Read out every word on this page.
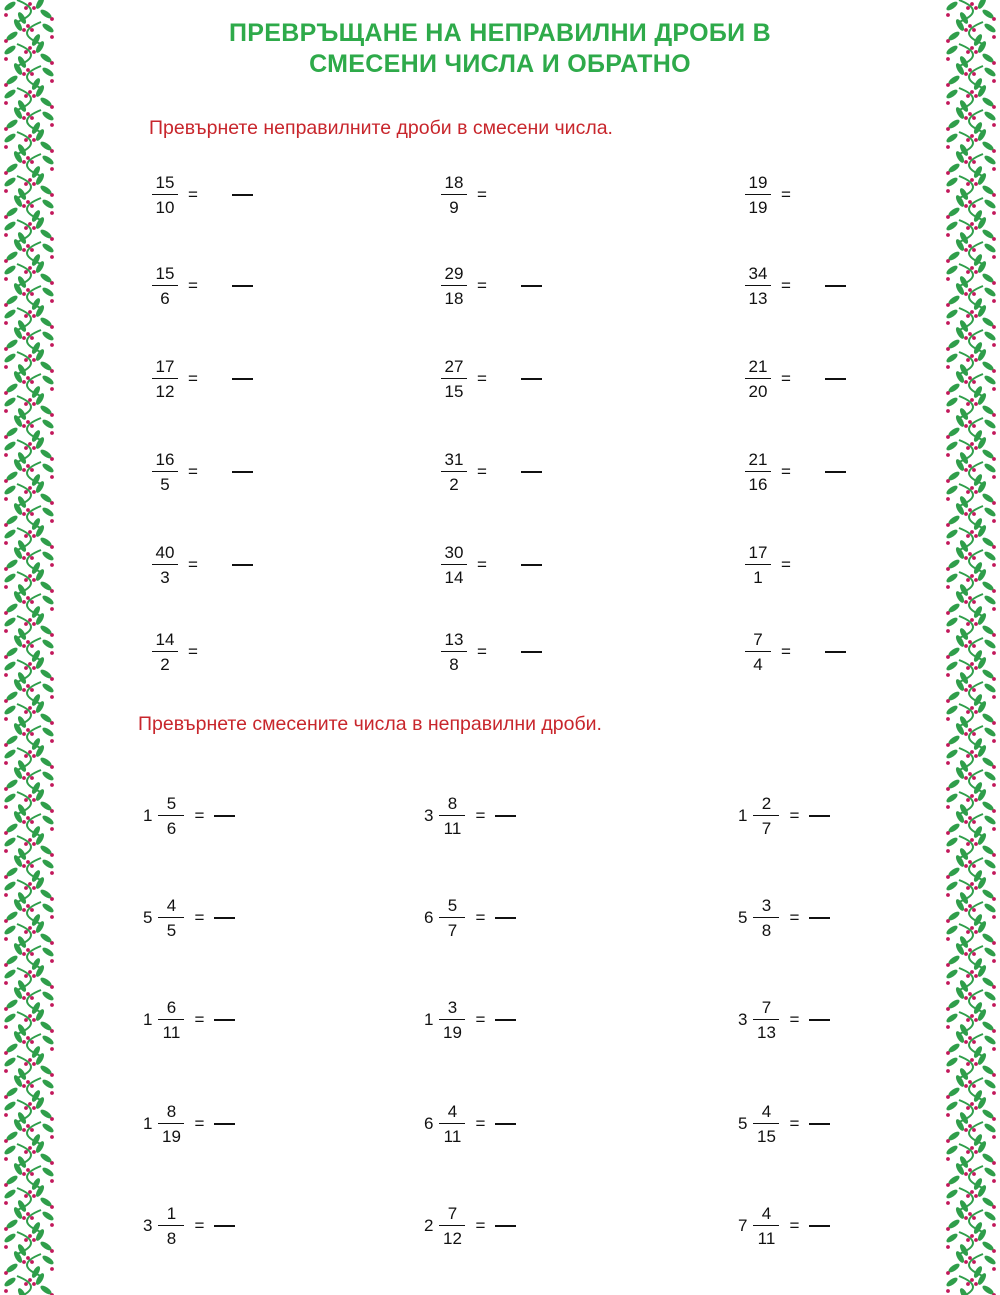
ПРЕВРЪЩАНЕ НА НЕПРАВИЛНИ ДРОБИ В
СМЕСЕНИ ЧИСЛА И ОБРАТНО
Превърнете неправилните дроби в смесени числа.
$\frac{15}{10}$ =	$\frac{18}{9}$ =	$\frac{19}{19}$ =
$\frac{15}{6}$ =	$\frac{29}{18}$ =	$\frac{34}{13}$ =
$\frac{17}{12}$ =	$\frac{27}{15}$ =	$\frac{21}{20}$ =
$\frac{16}{5}$ =	$\frac{31}{2}$ =	$\frac{21}{16}$ =
$\frac{40}{3}$ =	$\frac{30}{14}$ =	$\frac{17}{1}$ =
$\frac{14}{2}$ =	$\frac{13}{8}$ =	$\frac{7}{4}$ =
Превърнете смесените числа в неправилни дроби.
$1 \frac{5}{6}$ =	$3 \frac{8}{11}$ =	$1 \frac{2}{7}$ =
$5 \frac{4}{5}$ =	$6 \frac{5}{7}$ =	$5 \frac{3}{8}$ =
$1 \frac{6}{11}$ =	$1 \frac{3}{19}$ =	$3 \frac{7}{13}$ =
$1 \frac{8}{19}$ =	$6 \frac{4}{11}$ =	$5 \frac{4}{15}$ =
$3 \frac{1}{8}$ =	$2 \frac{7}{12}$ =	$7 \frac{4}{11}$ =
